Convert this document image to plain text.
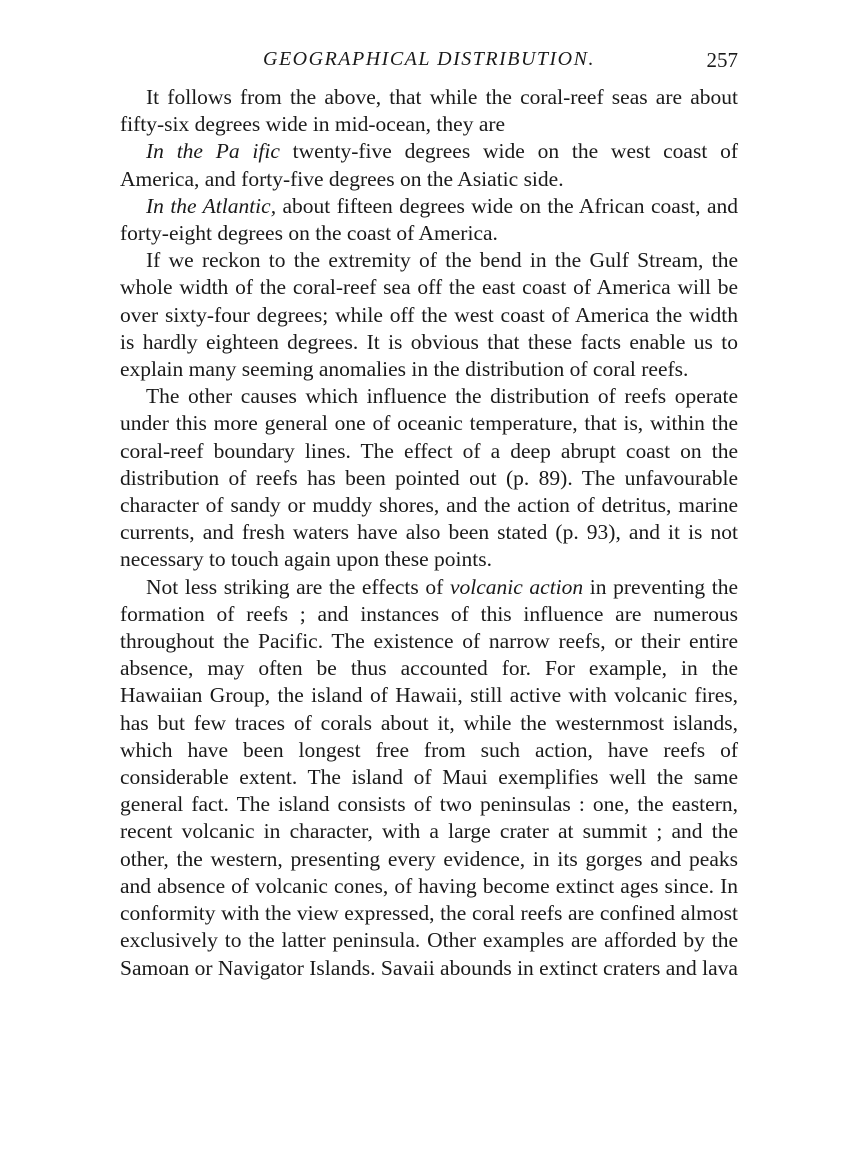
GEOGRAPHICAL DISTRIBUTION.	257

It follows from the above, that while the coral-reef seas are about fifty-six degrees wide in mid-ocean, they are

In the Pa ific twenty-five degrees wide on the west coast of America, and forty-five degrees on the Asiatic side.

In the Atlantic, about fifteen degrees wide on the African coast, and forty-eight degrees on the coast of America.

If we reckon to the extremity of the bend in the Gulf Stream, the whole width of the coral-reef sea off the east coast of America will be over sixty-four degrees; while off the west coast of America the width is hardly eighteen degrees. It is obvious that these facts enable us to explain many seeming anomalies in the distribution of coral reefs.

The other causes which influence the distribution of reefs operate under this more general one of oceanic temperature, that is, within the coral-reef boundary lines. The effect of a deep abrupt coast on the distribution of reefs has been pointed out (p. 89). The unfavourable character of sandy or muddy shores, and the action of detritus, marine currents, and fresh waters have also been stated (p. 93), and it is not necessary to touch again upon these points.

Not less striking are the effects of volcanic action in preventing the formation of reefs ; and instances of this influence are numerous throughout the Pacific. The existence of narrow reefs, or their entire absence, may often be thus accounted for. For example, in the Hawaiian Group, the island of Hawaii, still active with volcanic fires, has but few traces of corals about it, while the westernmost islands, which have been longest free from such action, have reefs of considerable extent. The island of Maui exemplifies well the same general fact. The island consists of two peninsulas : one, the eastern, recent volcanic in character, with a large crater at summit ; and the other, the western, presenting every evidence, in its gorges and peaks and absence of volcanic cones, of having become extinct ages since. In conformity with the view expressed, the coral reefs are confined almost exclusively to the latter peninsula. Other examples are afforded by the Samoan or Navigator Islands. Savaii abounds in extinct craters and lava
